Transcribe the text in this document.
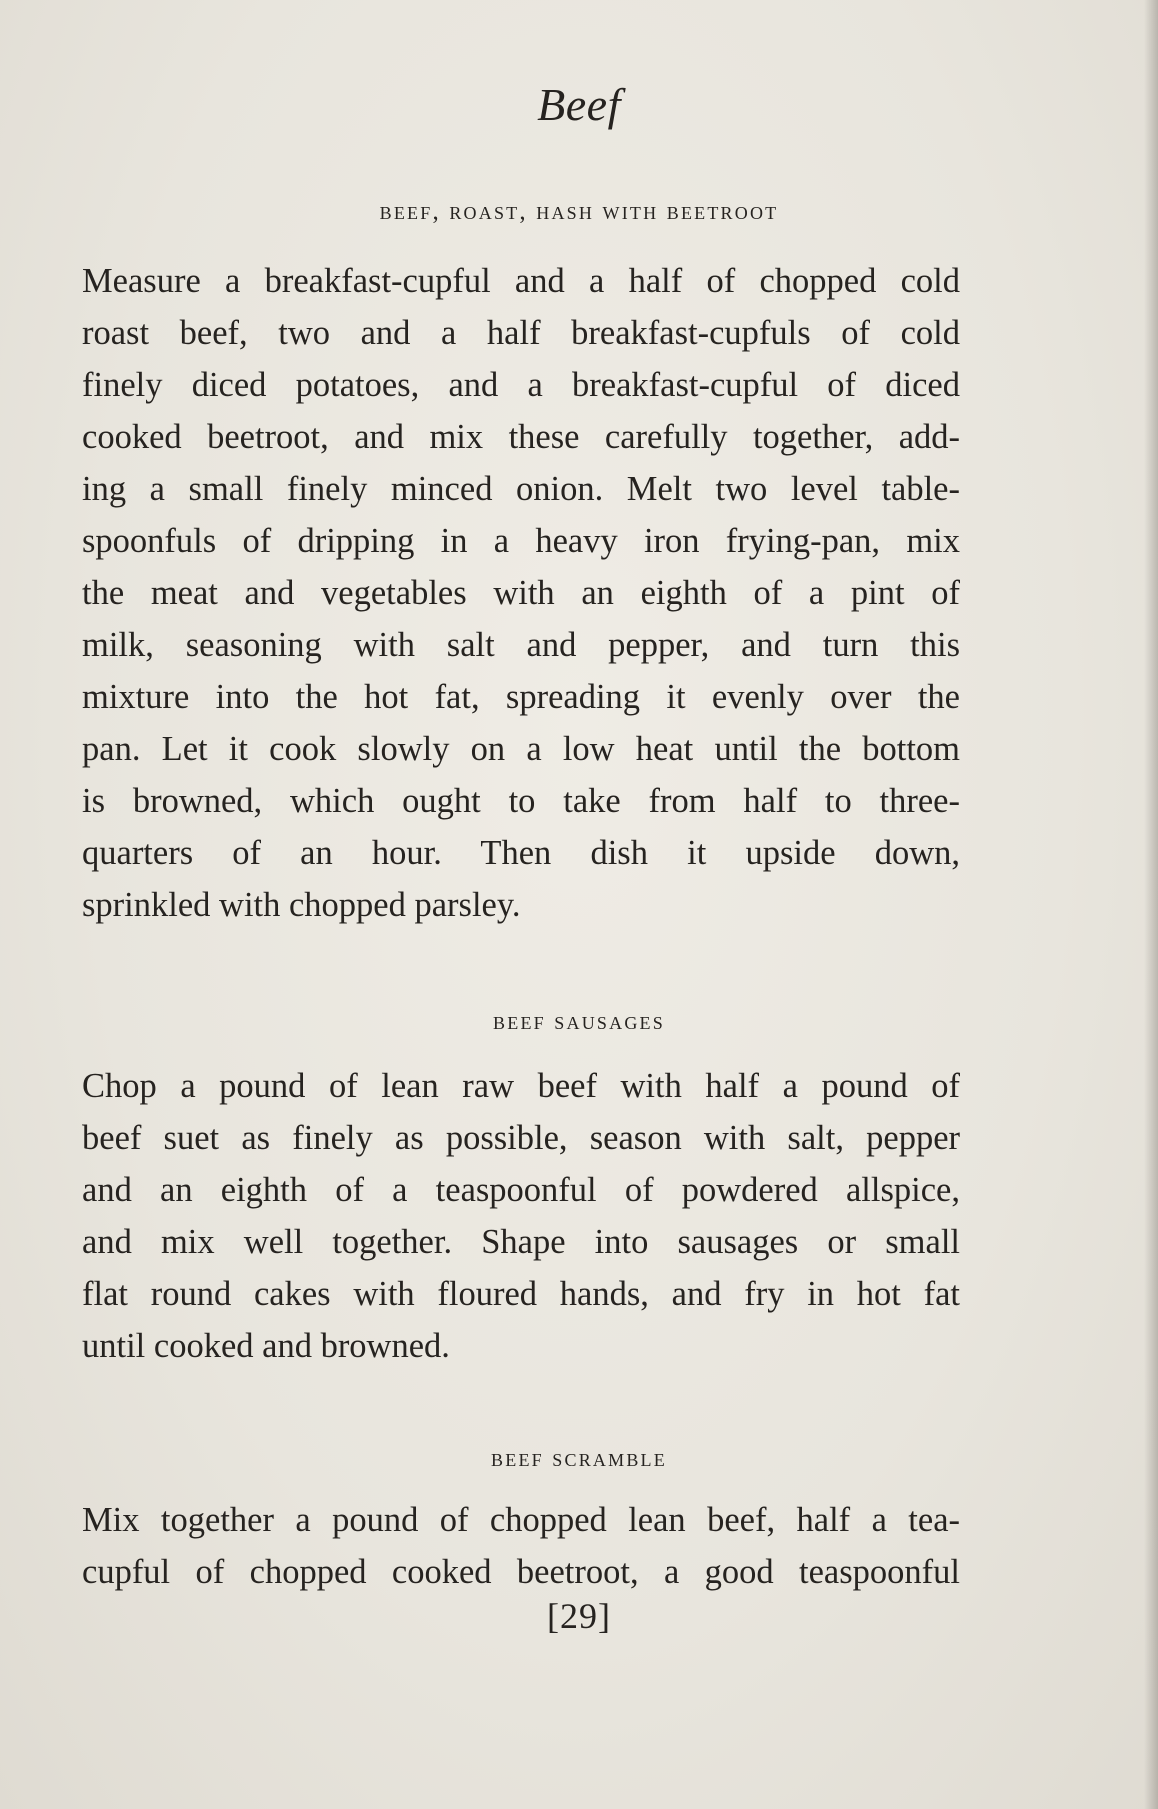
Beef
beef, roast, hash with beetroot
Measure a breakfast-cupful and a half of chopped cold
roast beef, two and a half breakfast-cupfuls of cold
finely diced potatoes, and a breakfast-cupful of diced
cooked beetroot, and mix these carefully together, add-
ing a small finely minced onion. Melt two level table-
spoonfuls of dripping in a heavy iron frying-pan, mix
the meat and vegetables with an eighth of a pint of
milk, seasoning with salt and pepper, and turn this
mixture into the hot fat, spreading it evenly over the
pan. Let it cook slowly on a low heat until the bottom
is browned, which ought to take from half to three-
quarters of an hour. Then dish it upside down,
sprinkled with chopped parsley.
beef sausages
Chop a pound of lean raw beef with half a pound of
beef suet as finely as possible, season with salt, pepper
and an eighth of a teaspoonful of powdered allspice,
and mix well together. Shape into sausages or small
flat round cakes with floured hands, and fry in hot fat
until cooked and browned.
beef scramble
Mix together a pound of chopped lean beef, half a tea-
cupful of chopped cooked beetroot, a good teaspoonful
[29]
